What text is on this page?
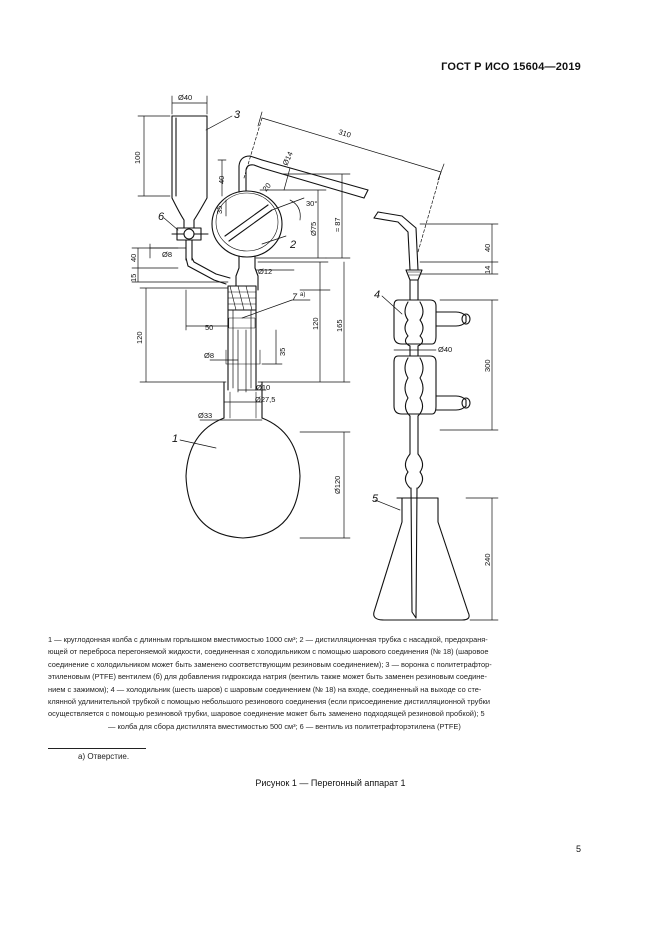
ГОСТ Р ИСО 15604—2019
Ø40
310
100
40
35
Ø14
20
30°
Ø75 ≈ 87
Ø8
Ø12
40
15
50
120
120 165
35
Ø8
Ø10
Ø27,5
Ø33
Ø120
40
14
300
Ø40
240
1
2
3
4
5
6
7 а)
1 — круглодонная колба с длинным горлышком вместимостью 1000 см³; 2 — дистилляционная трубка с насадкой, предохраня-
ющей от переброса перегоняемой жидкости, соединенная с холодильником с помощью шарового соединения (№ 18) (шаровое
соединение с холодильником может быть заменено соответствующим резиновым соединением); 3 — воронка с политетрафтор-
этиленовым (PTFE) вентилем (б) для добавления гидроксида натрия (вентиль также может быть заменен резиновым соедине-
нием с зажимом); 4 — холодильник (шесть шаров) с шаровым соединением (№ 18) на входе, соединенный на выходе со сте-
клянной удлинительной трубкой с помощью небольшого резинового соединения (если присоединение дистилляционной трубки
осуществляется с помощью резиновой трубки, шаровое соединение может быть заменено подходящей резиновой пробкой); 5
— колба для сбора дистиллята вместимостью 500 см³; 6 — вентиль из политетрафторэтилена (PTFE)
а) Отверстие.
Рисунок 1 — Перегонный аппарат 1
5
